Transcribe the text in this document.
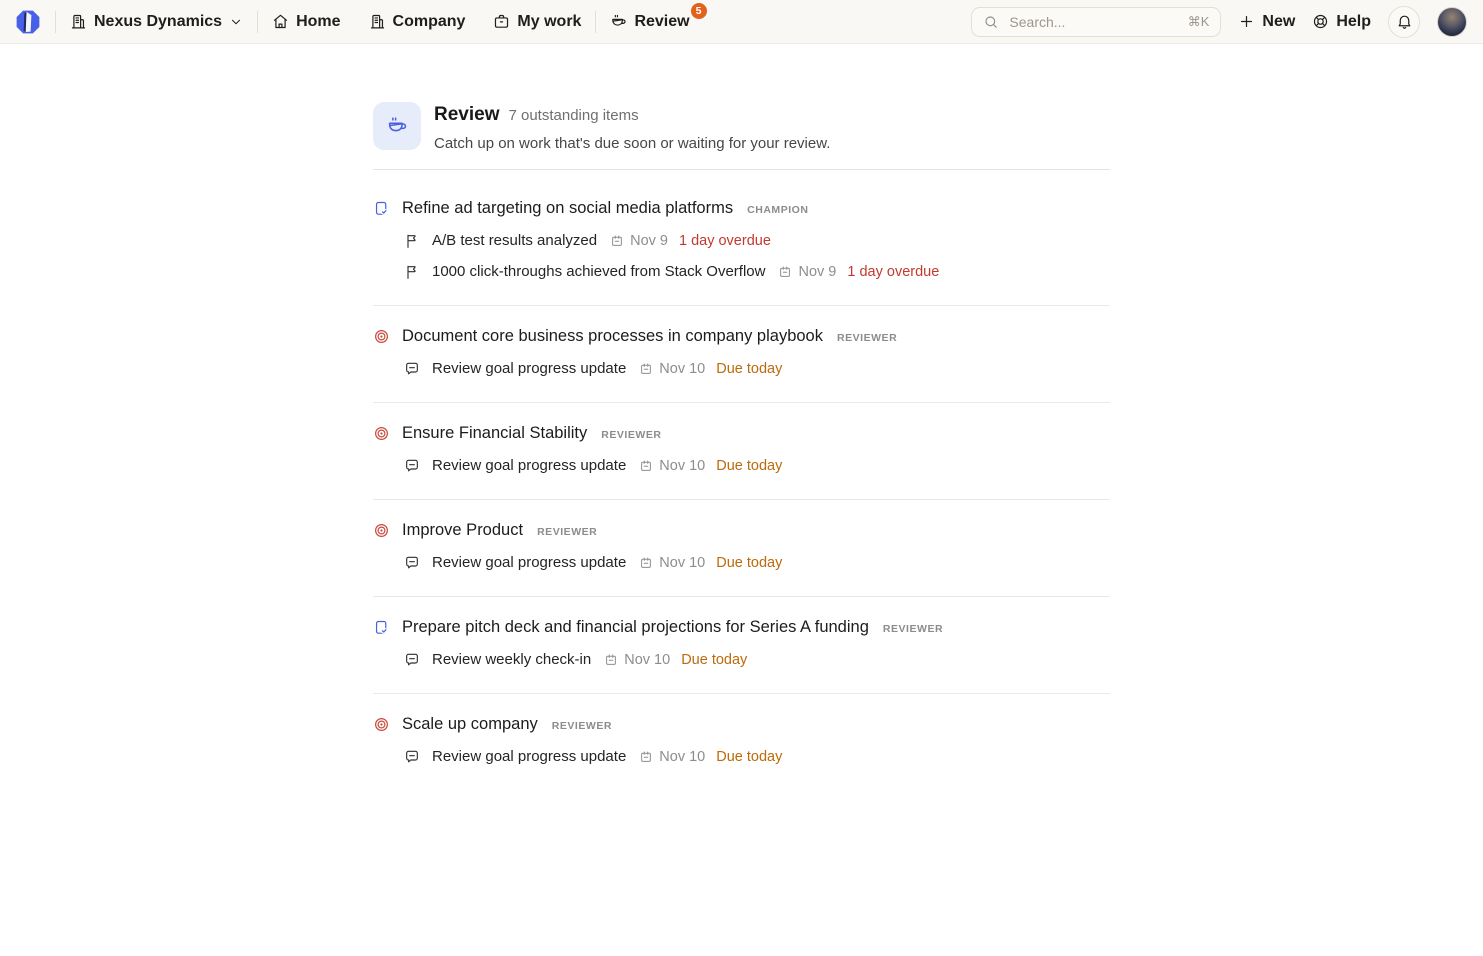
Nexus Dynamics	Home	Company	My work	Review
5
Search...
⌘K	New	Help
Review 7 outstanding items
Catch up on work that's due soon or waiting for your review.
Refine ad targeting on social media platforms CHAMPION
A/B test results analyzed Nov 9 1 day overdue
1000 click-throughs achieved from Stack Overflow Nov 9 1 day overdue
Document core business processes in company playbook REVIEWER
Review goal progress update Nov 10 Due today
Ensure Financial Stability REVIEWER
Review goal progress update Nov 10 Due today
Improve Product REVIEWER
Review goal progress update Nov 10 Due today
Prepare pitch deck and financial projections for Series A funding REVIEWER
Review weekly check-in Nov 10 Due today
Scale up company REVIEWER
Review goal progress update Nov 10 Due today
